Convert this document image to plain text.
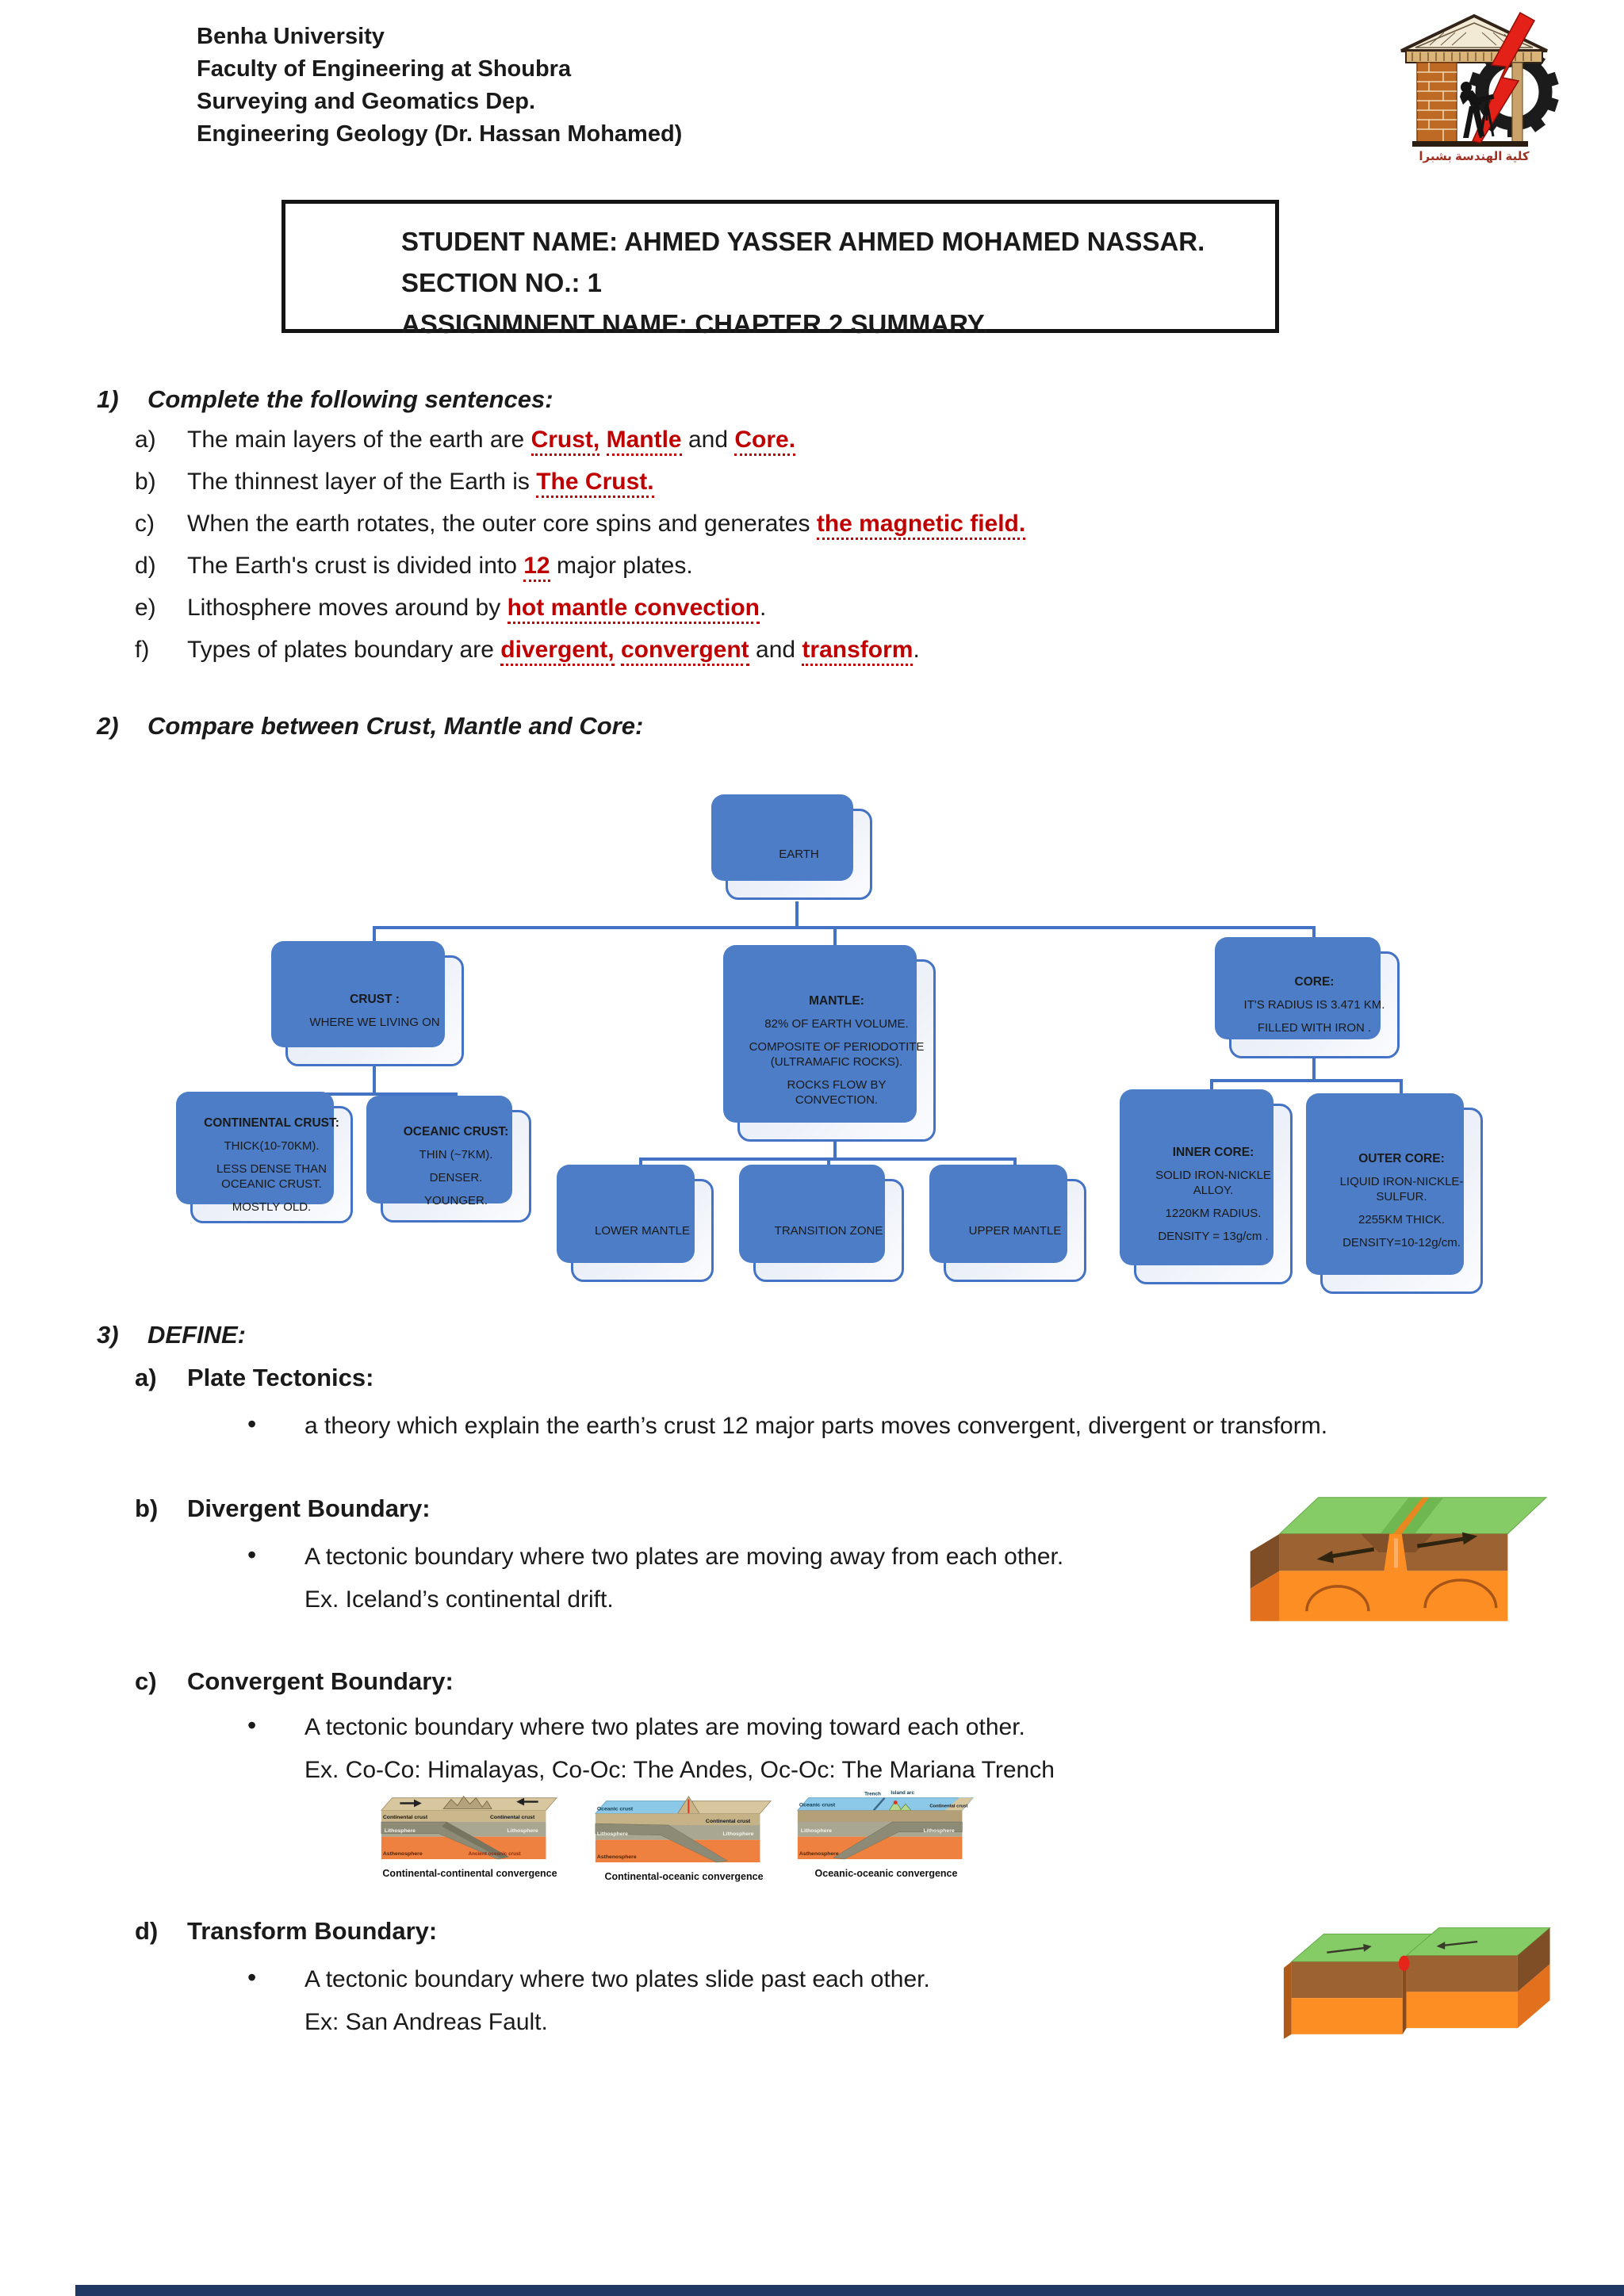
Benha University
Faculty of Engineering at Shoubra
Surveying and Geomatics Dep.
Engineering Geology (Dr. Hassan Mohamed)
كلية الهندسة بشبرا
STUDENT NAME: AHMED YASSER AHMED MOHAMED NASSAR.
SECTION NO.: 1
ASSIGNMNENT NAME: CHAPTER 2 SUMMARY.
1) Complete the following sentences:
a)	The main layers of the earth are Crust, Mantle and Core.
b)	The thinnest layer of the Earth is The Crust.
c)	When the earth rotates, the outer core spins and generates the magnetic field.
d)	The Earth's crust is divided into 12 major plates.
e)	Lithosphere moves around by hot mantle convection.
f)	Types of plates boundary are divergent, convergent and transform.
2) Compare between Crust, Mantle and Core:
EARTH
CRUST :
WHERE WE LIVING ON
MANTLE:
82% OF EARTH VOLUME.
COMPOSITE OF PERIODOTITE (ULTRAMAFIC ROCKS).
ROCKS FLOW BY CONVECTION.
CORE:
IT'S RADIUS IS 3.471 KM.
FILLED WITH IRON .
CONTINENTAL CRUST:
THICK(10-70KM).
LESS DENSE THAN OCEANIC CRUST.
MOSTLY OLD.
OCEANIC CRUST:
THIN (~7KM).
DENSER.
YOUNGER.
LOWER MANTLE	TRANSITION ZONE	UPPER MANTLE
INNER CORE:
SOLID IRON-NICKLE ALLOY.
1220KM RADIUS.
DENSITY = 13g/cm .
OUTER CORE:
LIQUID IRON-NICKLE- SULFUR.
2255KM THICK.
DENSITY=10-12g/cm.
3) DEFINE:
a) Plate Tectonics:
•
a theory which explain the earth’s crust 12 major parts moves convergent, divergent or transform.
b) Divergent Boundary:
•
A tectonic boundary where two plates are moving away from each other.
Ex. Iceland’s continental drift.
c) Convergent Boundary:
•
A tectonic boundary where two plates are moving toward each other.
Ex. Co-Co: Himalayas, Co-Oc: The Andes, Oc-Oc: The Mariana Trench
Continental crust	Continental crust
Lithosphere	Lithosphere
Asthenosphere	Ancient oceanic crust
Continental-continental convergence
Oceanic crust
Continental crust
Lithosphere	Lithosphere
Asthenosphere
Continental-oceanic convergence
Oceanic crust	Continental crust
Lithosphere	Lithosphere
Asthenosphere
Trench Island arc
Oceanic-oceanic convergence
d) Transform Boundary:
•
A tectonic boundary where two plates slide past each other.
Ex: San Andreas Fault.
